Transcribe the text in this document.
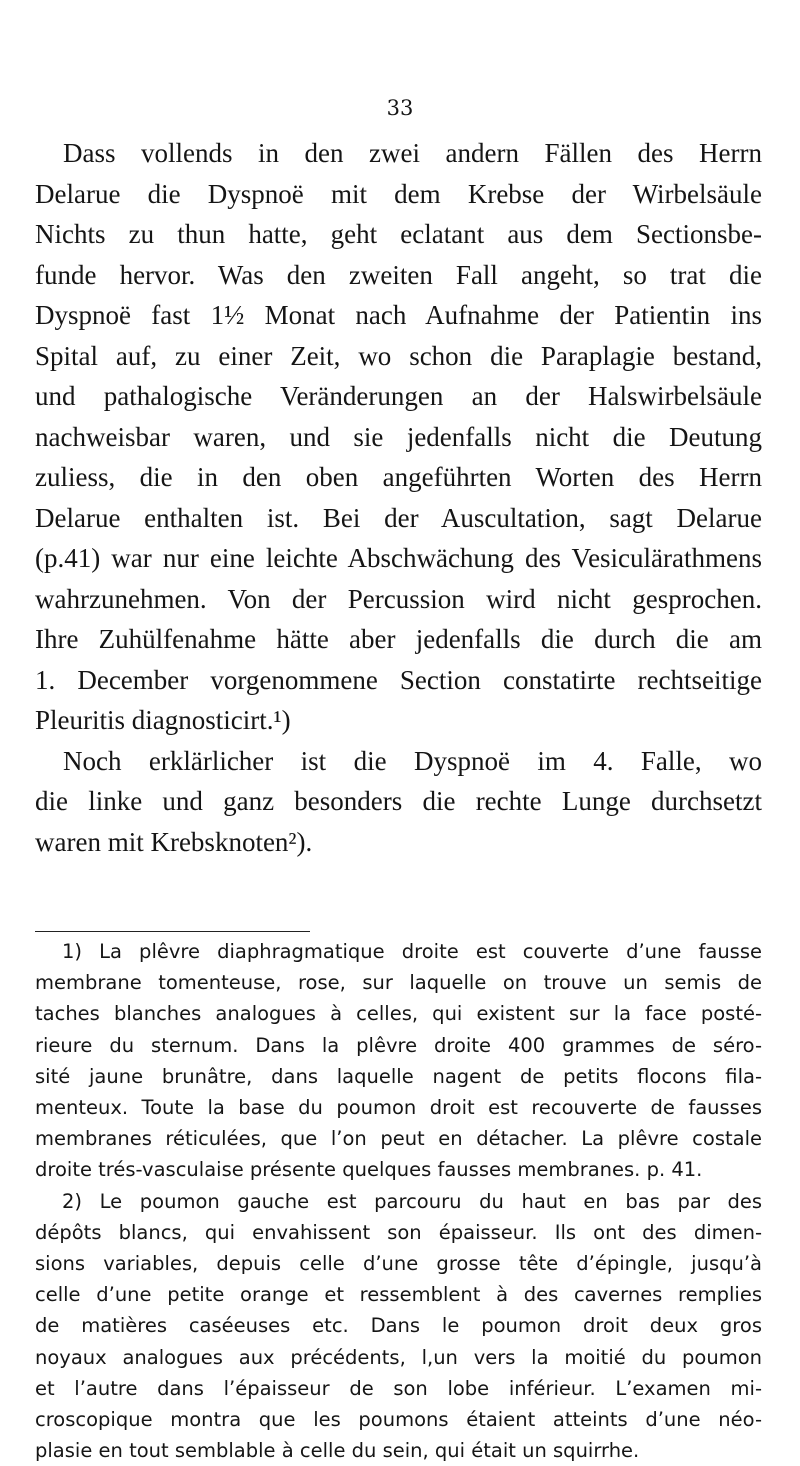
33
Dass vollends in den zwei andern Fällen des Herrn
Delarue die Dyspnoë mit dem Krebse der Wirbelsäule
Nichts zu thun hatte, geht eclatant aus dem Sectionsbe-
funde hervor. Was den zweiten Fall angeht, so trat die
Dyspnoë fast 1½ Monat nach Aufnahme der Patientin ins
Spital auf, zu einer Zeit, wo schon die Paraplagie bestand,
und pathalogische Veränderungen an der Halswirbelsäule
nachweisbar waren, und sie jedenfalls nicht die Deutung
zuliess, die in den oben angeführten Worten des Herrn
Delarue enthalten ist. Bei der Auscultation, sagt Delarue
(p.41) war nur eine leichte Abschwächung des Vesiculärathmens
wahrzunehmen. Von der Percussion wird nicht gesprochen.
Ihre Zuhülfenahme hätte aber jedenfalls die durch die am
1. December vorgenommene Section constatirte rechtseitige
Pleuritis diagnosticirt.¹)
Noch erklärlicher ist die Dyspnoë im 4. Falle, wo
die linke und ganz besonders die rechte Lunge durchsetzt
waren mit Krebsknoten²).
1) La plêvre diaphragmatique droite est couverte d’une fausse
membrane tomenteuse, rose, sur laquelle on trouve un semis de
taches blanches analogues à celles, qui existent sur la face posté-
rieure du sternum. Dans la plêvre droite 400 grammes de séro-
sité jaune brunâtre, dans laquelle nagent de petits flocons fila-
menteux. Toute la base du poumon droit est recouverte de fausses
membranes réticulées, que l’on peut en détacher. La plêvre costale
droite trés-vasculaise présente quelques fausses membranes. p. 41.
2) Le poumon gauche est parcouru du haut en bas par des
dépôts blancs, qui envahissent son épaisseur. Ils ont des dimen-
sions variables, depuis celle d’une grosse tête d’épingle, jusqu’à
celle d’une petite orange et ressemblent à des cavernes remplies
de matières caséeuses etc. Dans le poumon droit deux gros
noyaux analogues aux précédents, l,un vers la moitié du poumon
et l’autre dans l’épaisseur de son lobe inférieur. L’examen mi-
croscopique montra que les poumons étaient atteints d’une néo-
plasie en tout semblable à celle du sein, qui était un squirrhe.
